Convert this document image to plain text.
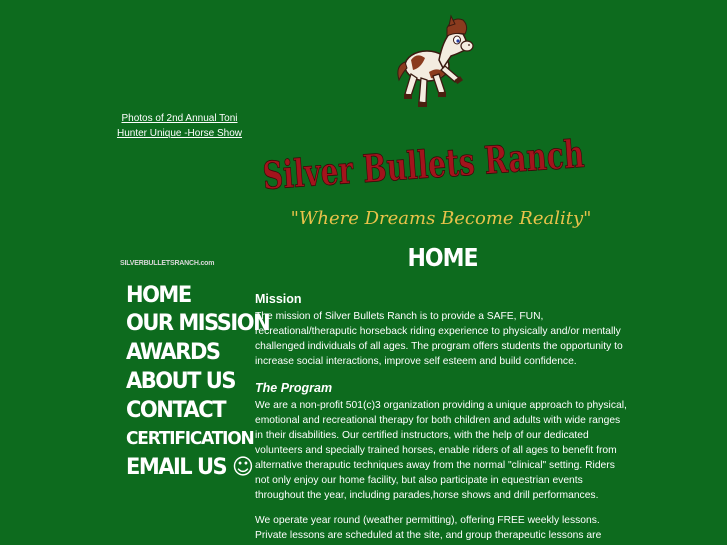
Photos of 2nd Annual Toni Hunter Unique -Horse Show Silver Bullets Ranch
"Where Dreams Become Reality"
HOME
SILVERBULLETSRANCH.com
HOME
OUR MISSION
AWARDS
ABOUT US
CONTACT
CERTIFICATION
EMAIL US ☺
Mission
The mission of Silver Bullets Ranch is to provide a SAFE, FUN, recreational/theraputic horseback riding experience to physically and/or mentally challenged individuals of all ages. The program offers students the opportunity to increase social interactions, improve self esteem and build confidence.
The Program
We are a non-profit 501(c)3 organization providing a unique approach to physical, emotional and recreational therapy for both children and adults with wide ranges in their disabilities. Our certified instructors, with the help of our dedicated volunteers and specially trained horses, enable riders of all ages to benefit from alternative theraputic techniques away from the normal "clinical" setting. Riders not only enjoy our home facility, but also participate in equestrian events throughout the year, including parades,horse shows and drill performances.
We operate year round (weather permitting), offering FREE weekly lessons. Private lessons are scheduled at the site, and group therapeutic lessons are
